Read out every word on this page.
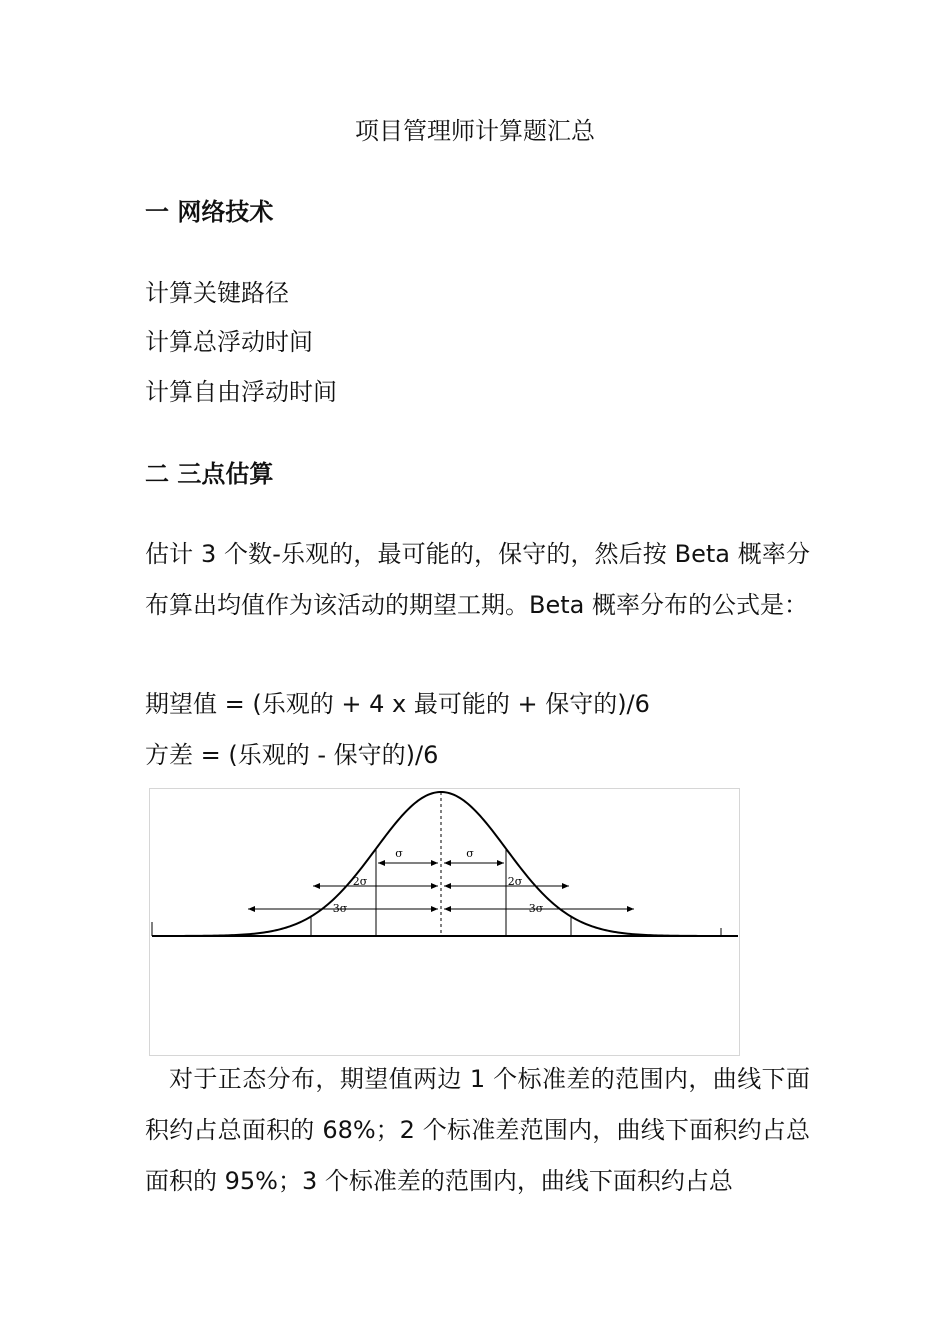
项目管理师计算题汇总
一 网络技术
计算关键路径
计算总浮动时间
计算自由浮动时间
二 三点估算
估计 3 个数-乐观的，最可能的，保守的，然后按 Beta 概率分布算出均值作为该活动的期望工期。Beta 概率分布的公式是：
期望值 = (乐观的 + 4 x 最可能的 + 保守的)/6
方差 = (乐观的 - 保守的)/6
σ	σ
2σ	2σ
3σ	3σ
对于正态分布，期望值两边 1 个标准差的范围内，曲线下面积约占总面积的 68%；2 个标准差范围内，曲线下面积约占总面积的 95%；3 个标准差的范围内，曲线下面积约占总
